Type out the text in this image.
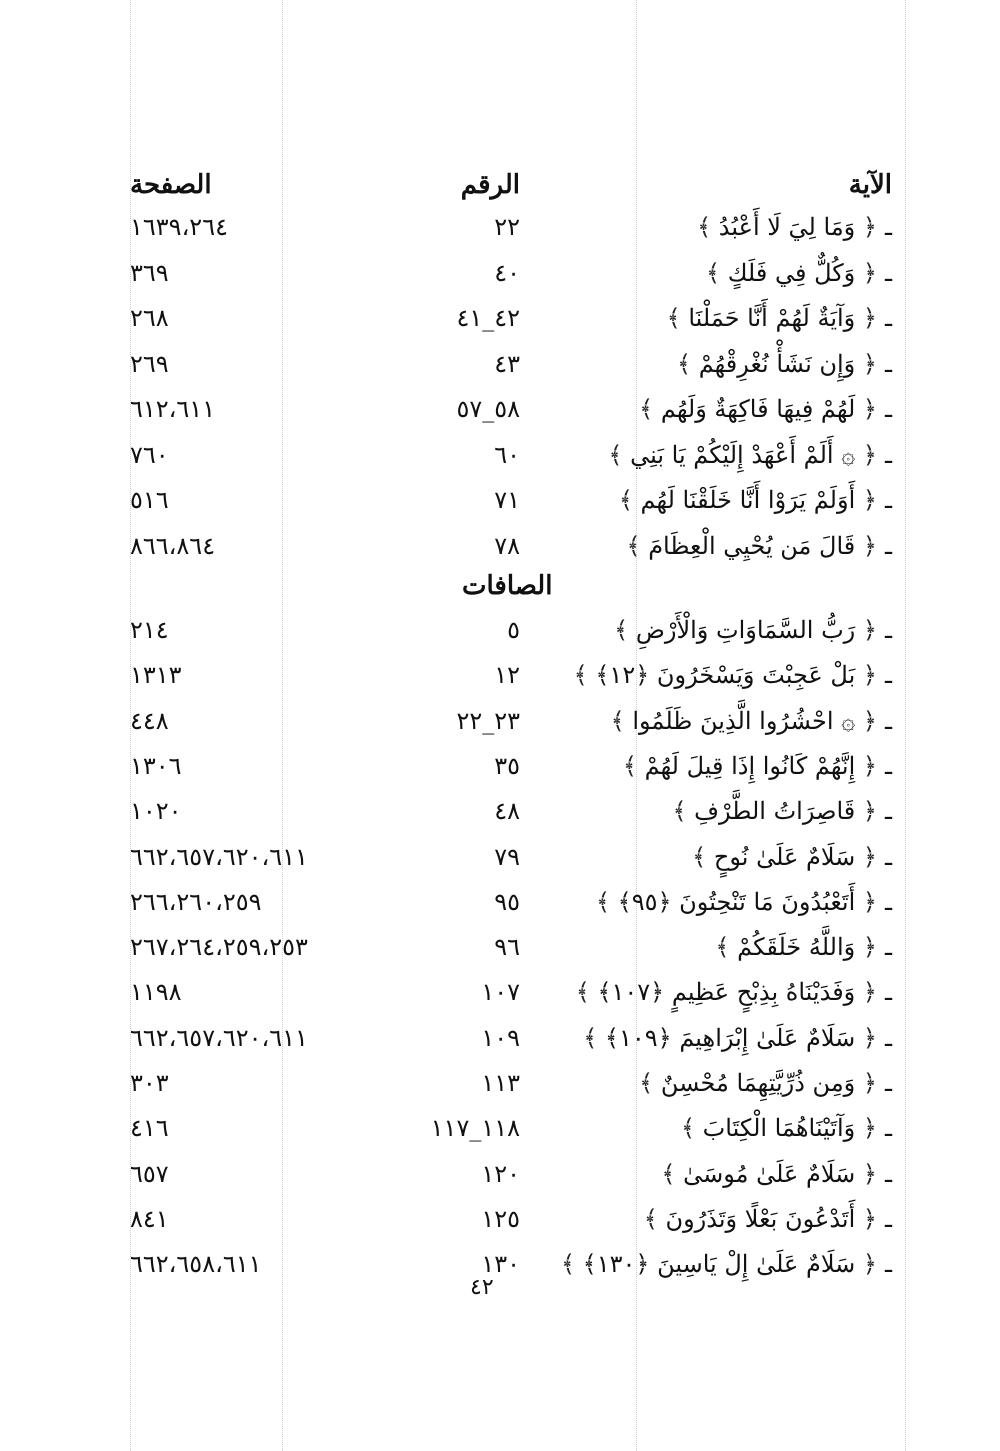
الآية
الرقم
الصفحة
ـ﴿ وَمَا لِيَ لَا أَعْبُدُ ﴾
٢٢
١٦٣٩،٢٦٤
ـ﴿ وَكُلٌّ فِي فَلَكٍ ﴾
٤٠
٣٦٩
ـ﴿ وَآيَةٌ لَهُمْ أَنَّا حَمَلْنَا ﴾
٤٢_٤١
٢٦٨
ـ﴿ وَإِن نَشَأْ نُغْرِقْهُمْ ﴾
٤٣
٢٦٩
ـ﴿ لَهُمْ فِيهَا فَاكِهَةٌ وَلَهُم ﴾
٥٨_٥٧
٦١٢،٦١١
ـ﴿ ۞ أَلَمْ أَعْهَدْ إِلَيْكُمْ يَا بَنِي ﴾
٦٠
٧٦٠
ـ﴿ أَوَلَمْ يَرَوْا أَنَّا خَلَقْنَا لَهُم ﴾
٧١
٥١٦
ـ﴿ قَالَ مَن يُحْيِي الْعِظَامَ ﴾
٧٨
٨٦٦،٨٦٤
الصافات
ـ﴿ رَبُّ السَّمَاوَاتِ وَالْأَرْضِ ﴾
٥
٢١٤
ـ﴿ بَلْ عَجِبْتَ وَيَسْخَرُونَ ﴿١٢﴾ ﴾
١٢
١٣١٣
ـ﴿ ۞ احْشُرُوا الَّذِينَ ظَلَمُوا ﴾
٢٣_٢٢
٤٤٨
ـ﴿ إِنَّهُمْ كَانُوا إِذَا قِيلَ لَهُمْ ﴾
٣٥
١٣٠٦
ـ﴿ قَاصِرَاتُ الطَّرْفِ ﴾
٤٨
١٠٢٠
ـ﴿ سَلَامٌ عَلَىٰ نُوحٍ ﴾
٧٩
٦٦٢،٦٥٧،٦٢٠،٦١١
ـ﴿ أَتَعْبُدُونَ مَا تَنْحِتُونَ ﴿٩٥﴾ ﴾
٩٥
٢٦٦،٢٦٠،٢٥٩
ـ﴿ وَاللَّهُ خَلَقَكُمْ ﴾
٩٦
٢٦٧،٢٦٤،٢٥٩،٢٥٣
ـ﴿ وَفَدَيْنَاهُ بِذِبْحٍ عَظِيمٍ ﴿١٠٧﴾ ﴾
١٠٧
١١٩٨
ـ﴿ سَلَامٌ عَلَىٰ إِبْرَاهِيمَ ﴿١٠٩﴾ ﴾
١٠٩
٦٦٢،٦٥٧،٦٢٠،٦١١
ـ﴿ وَمِن ذُرِّيَّتِهِمَا مُحْسِنٌ ﴾
١١٣
٣٠٣
ـ﴿ وَآتَيْنَاهُمَا الْكِتَابَ ﴾
١١٨_١١٧
٤١٦
ـ﴿ سَلَامٌ عَلَىٰ مُوسَىٰ ﴾
١٢٠
٦٥٧
ـ﴿ أَتَدْعُونَ بَعْلًا وَتَذَرُونَ ﴾
١٢٥
٨٤١
ـ﴿ سَلَامٌ عَلَىٰ إِلْ يَاسِينَ ﴿١٣٠﴾ ﴾
١٣٠
٦٦٢،٦٥٨،٦١١
٤٢
